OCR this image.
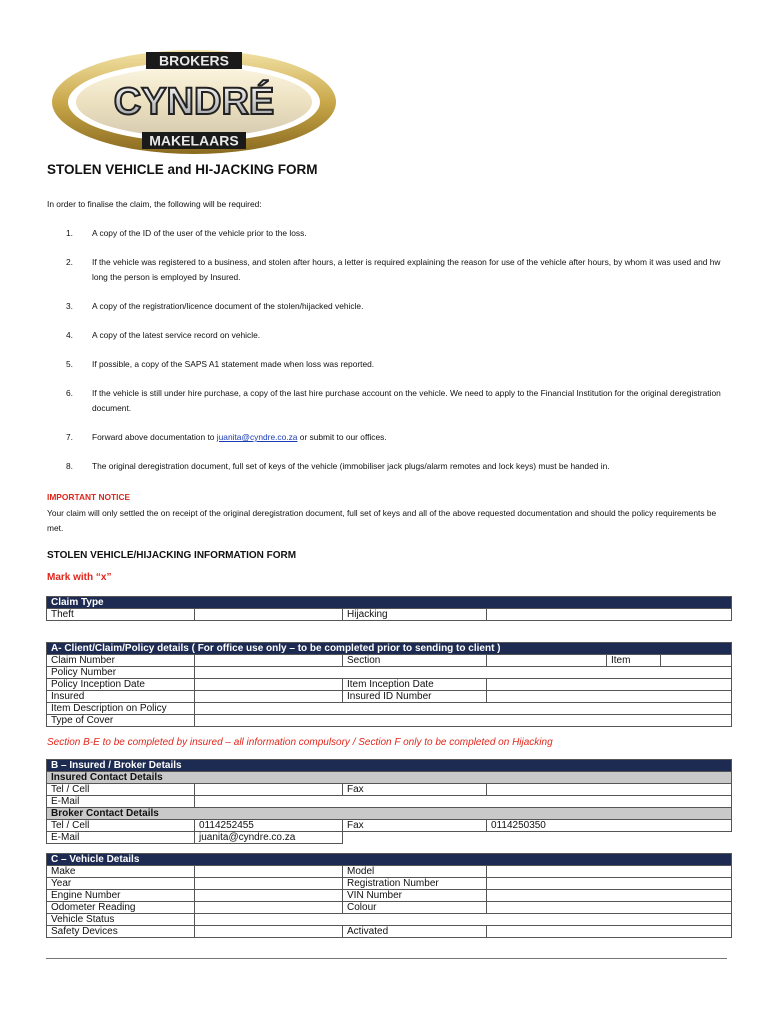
BROKERS
CYNDRÉ
MAKELAARS
STOLEN VEHICLE and HI-JACKING FORM
In order to finalise the claim, the following will be required:
1.	A copy of the ID of the user of the vehicle prior to the loss.
2.	If the vehicle was registered to a business, and stolen after hours, a letter is required explaining the reason for use of the vehicle after hours, by whom it was used and hw long the person is employed by Insured.
3.	A copy of the registration/licence document of the stolen/hijacked vehicle.
4.	A copy of the latest service record on vehicle.
5.	If possible, a copy of the SAPS A1 statement made when loss was reported.
6.	If the vehicle is still under hire purchase, a copy of the last hire purchase account on the vehicle. We need to apply to the Financial Institution for the original deregistration document.
7.	Forward above documentation to juanita@cyndre.co.za or submit to our offices.
8.	The original deregistration document, full set of keys of the vehicle (immobiliser jack plugs/alarm remotes and lock keys) must be handed in.
IMPORTANT NOTICE
Your claim will only settled the on receipt of the original deregistration document, full set of keys and all of the above requested documentation and should the policy requirements be met.
STOLEN VEHICLE/HIJACKING INFORMATION FORM
Mark with “x”
Claim Type
Theft		Hijacking	
A- Client/Claim/Policy details ( For office use only – to be completed prior to sending to client )					
Claim Number		Section		Item	
Policy Number					
Policy Inception Date		Item Inception Date			
Insured		Insured ID Number			
Item Description on Policy					
Type of Cover					
Section B-E to be completed by insured – all information compulsory / Section F only to be completed on Hijacking
B – Insured / Broker Details			
Insured Contact Details			
Tel / Cell		Fax	
E-Mail			
Broker Contact Details			
Tel / Cell	0114252455	Fax	0114250350
E-Mail	juanita@cyndre.co.za		
C – Vehicle Details			
Make		Model	
Year		Registration Number	
Engine Number		VIN Number	
Odometer Reading		Colour	
Vehicle Status			
Safety Devices		Activated	
